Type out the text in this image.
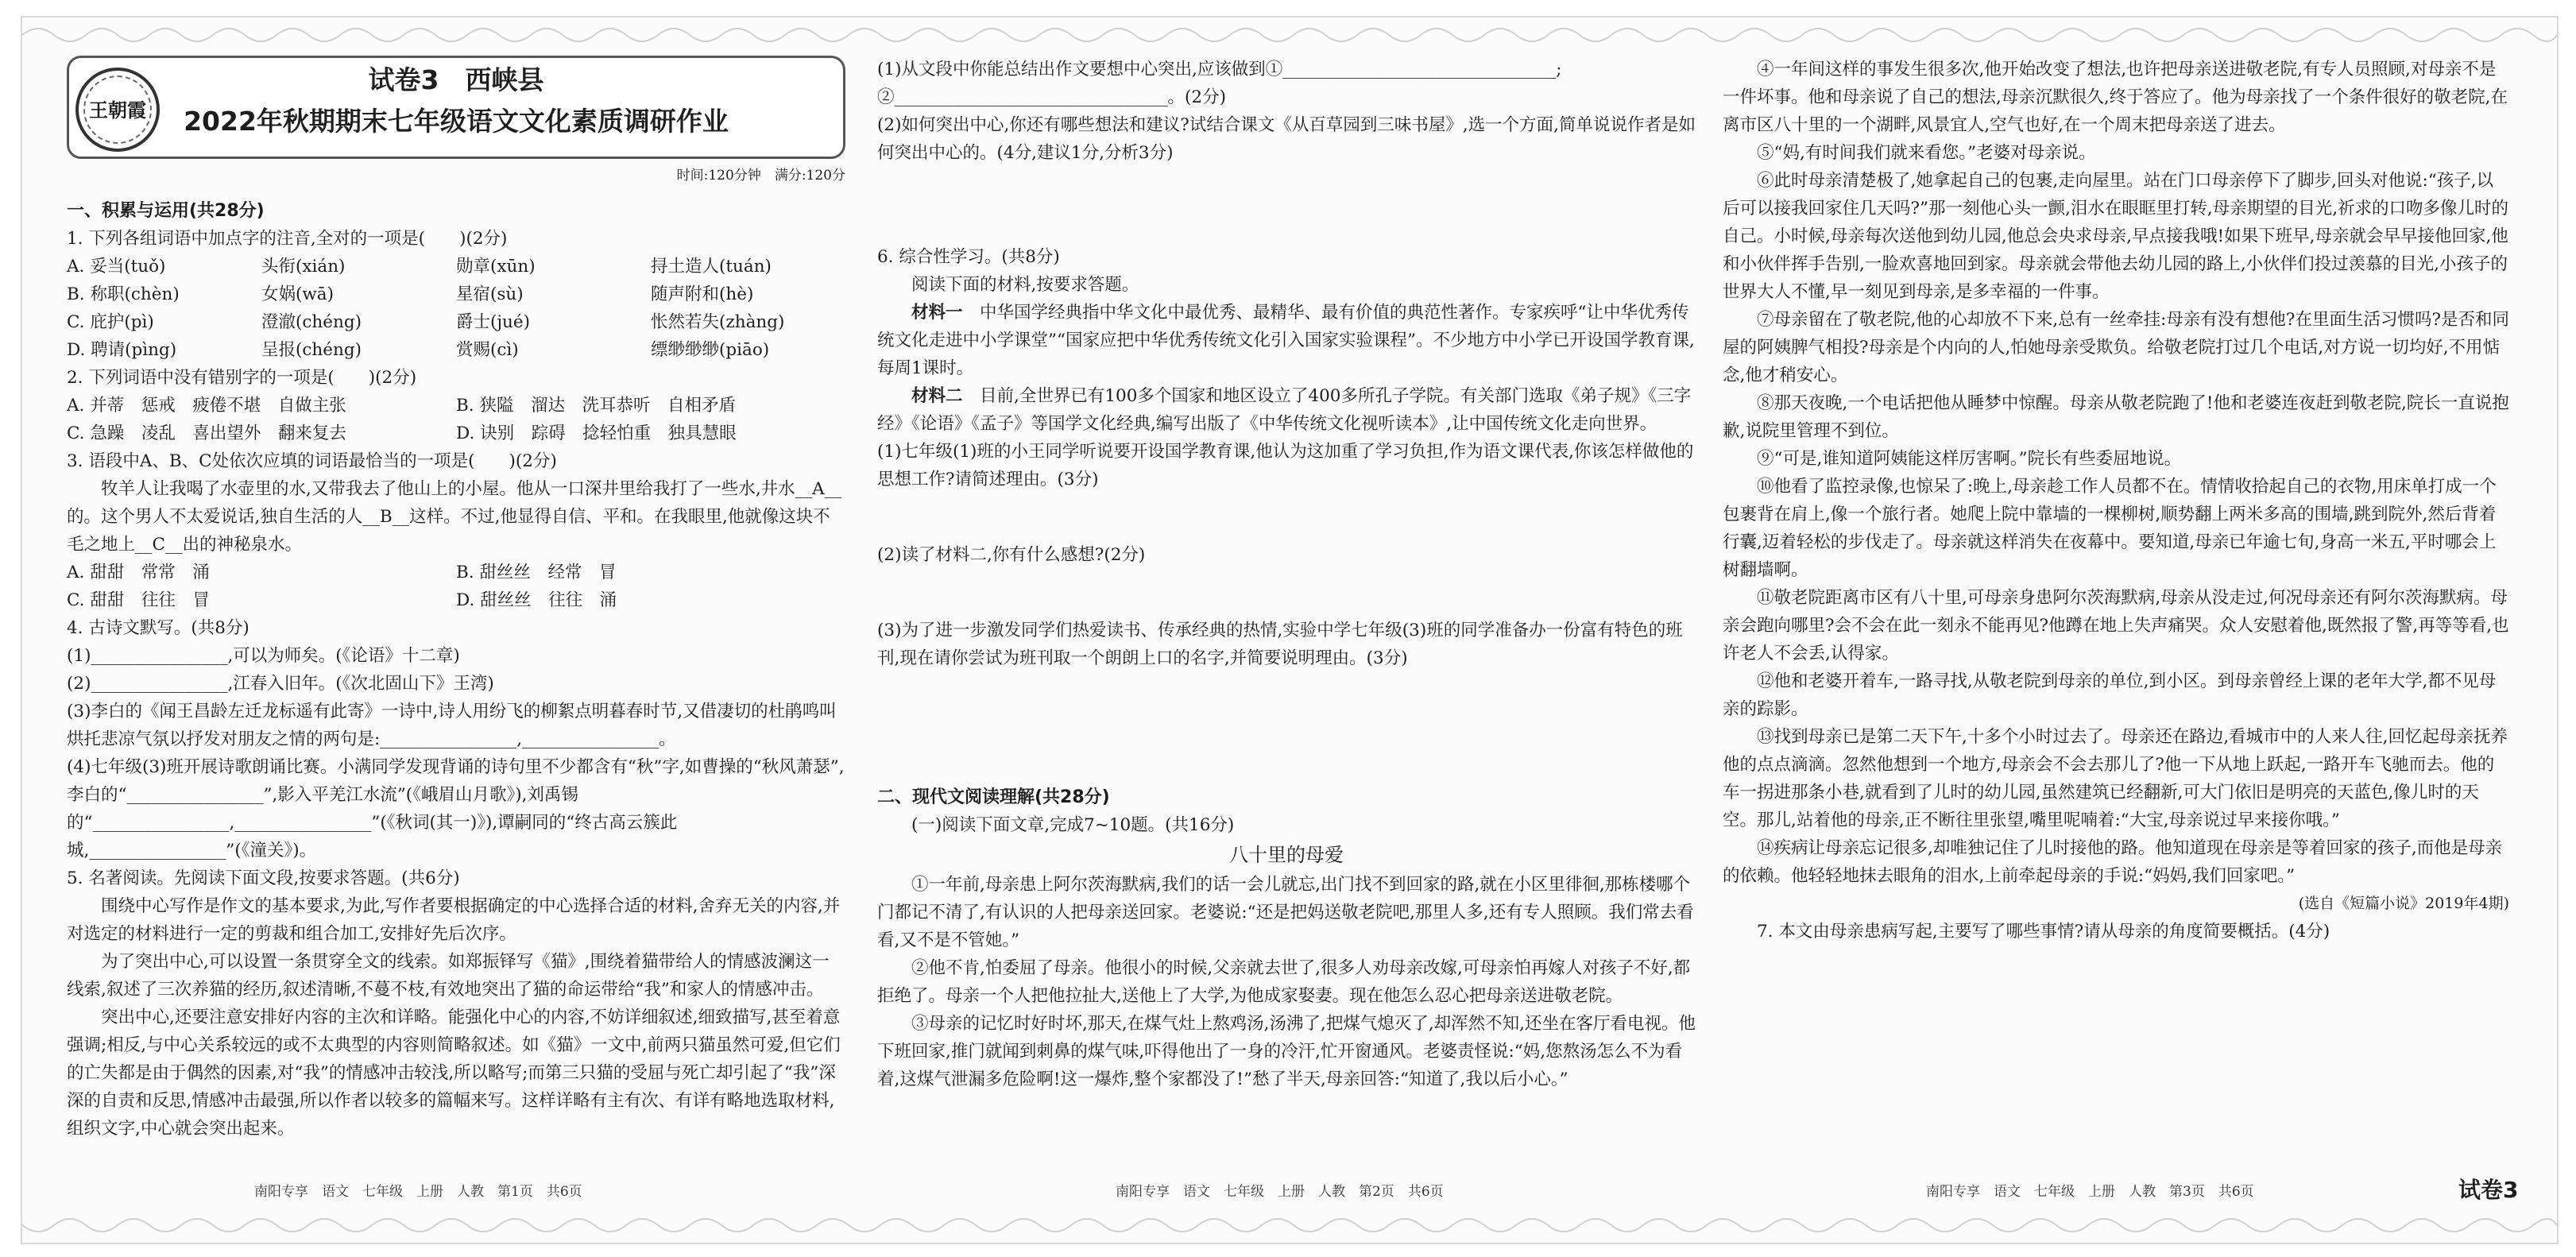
王朝霞
试卷3　西峡县
2022年秋期期末七年级语文文化素质调研作业
时间:120分钟　满分:120分

一、积累与运用(共28分)

1. 下列各组词语中加点字的注音,全对的一项是(　　)(2分)

A. 妥当(tuǒ)	头衔(xián)	勋章(xūn)	挦土造人(tuán)
B. 称职(chèn)	女娲(wā)	星宿(sù)	随声附和(hè)
C. 庇护(pì)	澄澈(chéng)	爵士(jué)	怅然若失(zhàng)
D. 聘请(pìng)	呈报(chéng)	赏赐(cì)	缥缈缈缈(piāo)

2. 下列词语中没有错别字的一项是(　　)(2分)

A. 并蒂　惩戒　疲倦不堪　自做主张	B. 狭隘　溜达　洗耳恭听　自相矛盾
C. 急躁　凌乱　喜出望外　翻来复去	D. 诀别　踪碍　捻轻怕重　独具慧眼

3. 语段中A、B、C处依次应填的词语最恰当的一项是(　　)(2分)

牧羊人让我喝了水壶里的水,又带我去了他山上的小屋。他从一口深井里给我打了一些水,井水__A__的。这个男人不太爱说话,独自生活的人__B__这样。不过,他显得自信、平和。在我眼里,他就像这块不毛之地上__C__出的神秘泉水。

A. 甜甜　常常　涌	B. 甜丝丝　经常　冒
C. 甜甜　往往　冒	D. 甜丝丝　往往　涌

4. 古诗文默写。(共8分)

(1)________________,可以为师矣。(《论语》十二章)

(2)________________,江春入旧年。(《次北固山下》王湾)

(3)李白的《闻王昌龄左迁龙标遥有此寄》一诗中,诗人用纷飞的柳絮点明暮春时节,又借凄切的杜鹃鸣叫烘托悲凉气氛以抒发对朋友之情的两句是:________________,________________。

(4)七年级(3)班开展诗歌朗诵比赛。小满同学发现背诵的诗句里不少都含有“秋”字,如曹操的“秋风萧瑟”,李白的“________________”,影入平羌江水流”(《峨眉山月歌》),刘禹锡的“________________,________________”(《秋词(其一)》),谭嗣同的“终古高云簇此城,________________”(《潼关》)。

5. 名著阅读。先阅读下面文段,按要求答题。(共6分)

围绕中心写作是作文的基本要求,为此,写作者要根据确定的中心选择合适的材料,舍弃无关的内容,并对选定的材料进行一定的剪裁和组合加工,安排好先后次序。

为了突出中心,可以设置一条贯穿全文的线索。如郑振铎写《猫》,围绕着猫带给人的情感波澜这一线索,叙述了三次养猫的经历,叙述清晰,不蔓不枝,有效地突出了猫的命运带给“我”和家人的情感冲击。

突出中心,还要注意安排好内容的主次和详略。能强化中心的内容,不妨详细叙述,细致描写,甚至着意强调;相反,与中心关系较远的或不太典型的内容则简略叙述。如《猫》一文中,前两只猫虽然可爱,但它们的亡失都是由于偶然的因素,对“我”的情感冲击较浅,所以略写;而第三只猫的受屈与死亡却引起了“我”深深的自责和反思,情感冲击最强,所以作者以较多的篇幅来写。这样详略有主有次、有详有略地选取材料,组织文字,中心就会突出起来。

(1)从文段中你能总结出作文要想中心突出,应该做到①________________________________;

②________________________________。(2分)

(2)如何突出中心,你还有哪些想法和建议?试结合课文《从百草园到三味书屋》,选一个方面,简单说说作者是如何突出中心的。(4分,建议1分,分析3分)

6. 综合性学习。(共8分)

阅读下面的材料,按要求答题。

材料一　 中华国学经典指中华文化中最优秀、最精华、最有价值的典范性著作。专家疾呼“让中华优秀传统文化走进中小学课堂”“国家应把中华优秀传统文化引入国家实验课程”。不少地方中小学已开设国学教育课,每周1课时。

材料二　 目前,全世界已有100多个国家和地区设立了400多所孔子学院。有关部门选取《弟子规》《三字经》《论语》《孟子》等国学文化经典,编写出版了《中华传统文化视听读本》,让中国传统文化走向世界。

(1)七年级(1)班的小王同学听说要开设国学教育课,他认为这加重了学习负担,作为语文课代表,你该怎样做他的思想工作?请简述理由。(3分)

(2)读了材料二,你有什么感想?(2分)

(3)为了进一步激发同学们热爱读书、传承经典的热情,实验中学七年级(3)班的同学准备办一份富有特色的班刊,现在请你尝试为班刊取一个朗朗上口的名字,并简要说明理由。(3分)

二、现代文阅读理解(共28分)

(一)阅读下面文章,完成7~10题。(共16分)

八十里的母爱

①一年前,母亲患上阿尔茨海默病,我们的话一会儿就忘,出门找不到回家的路,就在小区里徘徊,那栋楼哪个门都记不清了,有认识的人把母亲送回家。老婆说:“还是把妈送敬老院吧,那里人多,还有专人照顾。我们常去看看,又不是不管她。”

②他不肯,怕委屈了母亲。他很小的时候,父亲就去世了,很多人劝母亲改嫁,可母亲怕再嫁人对孩子不好,都拒绝了。母亲一个人把他拉扯大,送他上了大学,为他成家娶妻。现在他怎么忍心把母亲送进敬老院。

③母亲的记忆时好时坏,那天,在煤气灶上熬鸡汤,汤沸了,把煤气熄灭了,却浑然不知,还坐在客厅看电视。他下班回家,推门就闻到刺鼻的煤气味,吓得他出了一身的冷汗,忙开窗通风。老婆责怪说:“妈,您熬汤怎么不为看着,这煤气泄漏多危险啊!这一爆炸,整个家都没了!”愁了半天,母亲回答:“知道了,我以后小心。”

④一年间这样的事发生很多次,他开始改变了想法,也许把母亲送进敬老院,有专人员照顾,对母亲不是一件坏事。他和母亲说了自己的想法,母亲沉默很久,终于答应了。他为母亲找了一个条件很好的敬老院,在离市区八十里的一个湖畔,风景宜人,空气也好,在一个周末把母亲送了进去。

⑤“妈,有时间我们就来看您。”老婆对母亲说。

⑥此时母亲清楚极了,她拿起自己的包裹,走向屋里。站在门口母亲停下了脚步,回头对他说:“孩子,以后可以接我回家住几天吗?”那一刻他心头一颤,泪水在眼眶里打转,母亲期望的目光,祈求的口吻多像儿时的自己。小时候,母亲每次送他到幼儿园,他总会央求母亲,早点接我哦!如果下班早,母亲就会早早接他回家,他和小伙伴挥手告别,一脸欢喜地回到家。母亲就会带他去幼儿园的路上,小伙伴们投过羡慕的目光,小孩子的世界大人不懂,早一刻见到母亲,是多幸福的一件事。

⑦母亲留在了敬老院,他的心却放不下来,总有一丝牵挂:母亲有没有想他?在里面生活习惯吗?是否和同屋的阿姨脾气相投?母亲是个内向的人,怕她母亲受欺负。给敬老院打过几个电话,对方说一切均好,不用惦念,他才稍安心。

⑧那天夜晚,一个电话把他从睡梦中惊醒。母亲从敬老院跑了!他和老婆连夜赶到敬老院,院长一直说抱歉,说院里管理不到位。

⑨“可是,谁知道阿姨能这样厉害啊。”院长有些委屈地说。

⑩他看了监控录像,也惊呆了:晚上,母亲趁工作人员都不在。情情收拾起自己的衣物,用床单打成一个包裹背在肩上,像一个旅行者。她爬上院中靠墙的一棵柳树,顺势翻上两米多高的围墙,跳到院外,然后背着行囊,迈着轻松的步伐走了。母亲就这样消失在夜幕中。要知道,母亲已年逾七旬,身高一米五,平时哪会上树翻墙啊。

⑪敬老院距离市区有八十里,可母亲身患阿尔茨海默病,母亲从没走过,何况母亲还有阿尔茨海默病。母亲会跑向哪里?会不会在此一刻永不能再见?他蹲在地上失声痛哭。众人安慰着他,既然报了警,再等等看,也许老人不会丢,认得家。

⑫他和老婆开着车,一路寻找,从敬老院到母亲的单位,到小区。到母亲曾经上课的老年大学,都不见母亲的踪影。

⑬找到母亲已是第二天下午,十多个小时过去了。母亲还在路边,看城市中的人来人往,回忆起母亲抚养他的点点滴滴。忽然他想到一个地方,母亲会不会去那儿了?他一下从地上跃起,一路开车飞驰而去。他的车一拐进那条小巷,就看到了儿时的幼儿园,虽然建筑已经翻新,可大门依旧是明亮的天蓝色,像儿时的天空。那儿,站着他的母亲,正不断往里张望,嘴里呢喃着:“大宝,母亲说过早来接你哦。”

⑭疾病让母亲忘记很多,却唯独记住了儿时接他的路。他知道现在母亲是等着回家的孩子,而他是母亲的依赖。他轻轻地抹去眼角的泪水,上前牵起母亲的手说:“妈妈,我们回家吧。”

(选自《短篇小说》2019年4期)

7. 本文由母亲患病写起,主要写了哪些事情?请从母亲的角度简要概括。(4分)

南阳专享　语文　七年级　上册　人教　第1页　共6页	南阳专享　语文　七年级　上册　人教　第2页　共6页	南阳专享　语文　七年级　上册　人教　第3页　共6页	试卷3
